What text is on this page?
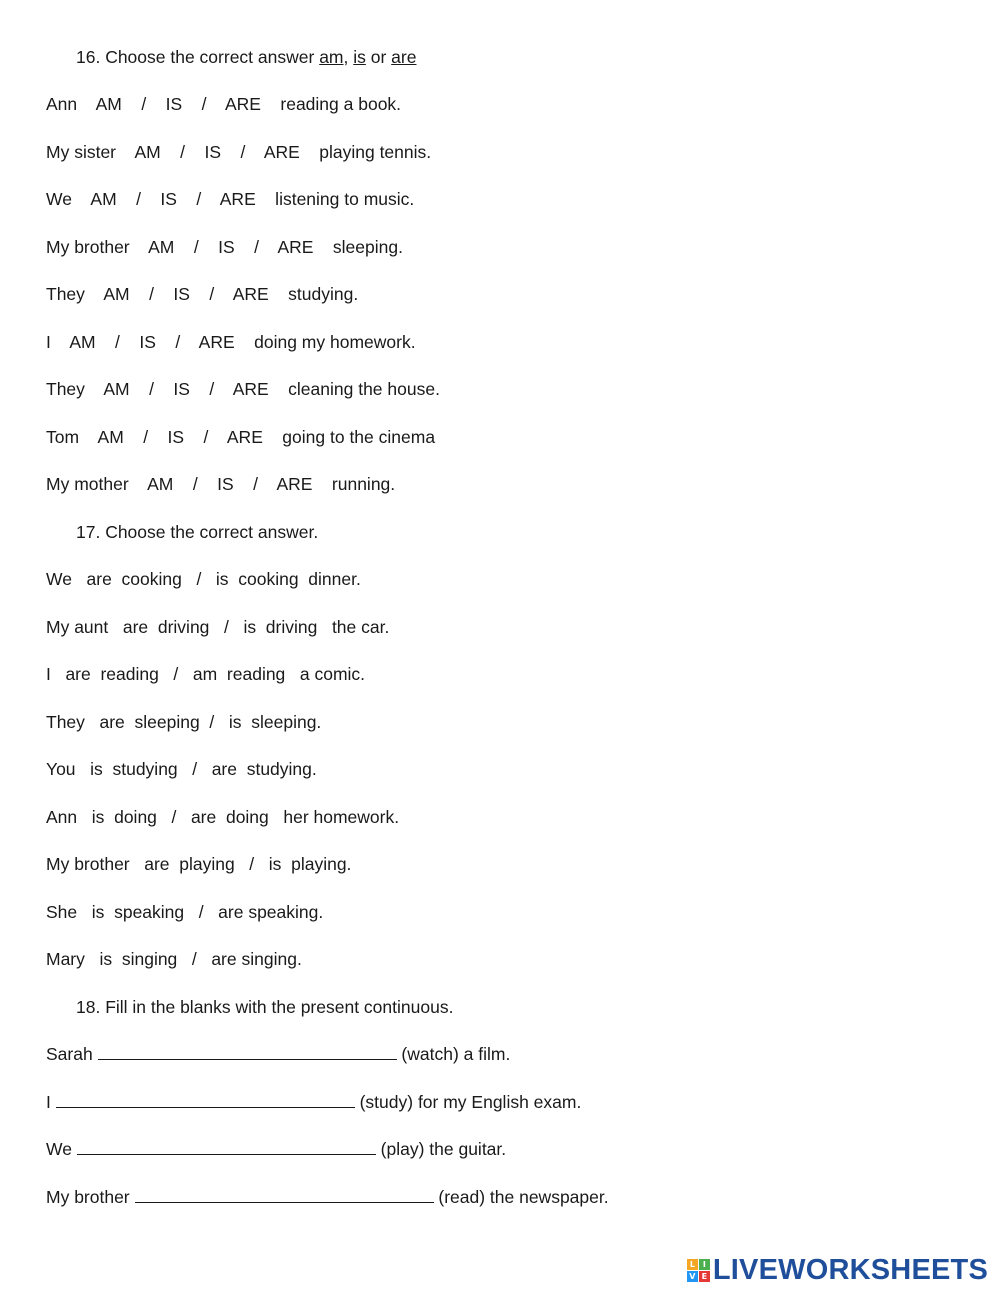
16. Choose the correct answer am, is or are
Ann    AM    /    IS    /    ARE    reading a book.
My sister    AM    /    IS    /    ARE    playing tennis.
We    AM    /    IS    /    ARE    listening to music.
My brother    AM    /    IS    /    ARE    sleeping.
They    AM    /    IS    /    ARE    studying.
I    AM    /    IS    /    ARE    doing my homework.
They    AM    /    IS    /    ARE    cleaning the house.
Tom    AM    /    IS    /    ARE    going to the cinema
My mother    AM    /    IS    /    ARE    running.
17. Choose the correct answer.
We   are  cooking   /   is  cooking  dinner.
My aunt   are  driving   /   is  driving   the car.
I   are  reading   /   am  reading   a comic.
They   are  sleeping  /   is  sleeping.
You   is  studying   /   are  studying.
Ann   is  doing   /   are  doing   her homework.
My brother   are  playing   /   is  playing.
She   is  speaking   /   are speaking.
Mary   is  singing   /   are singing.
18. Fill in the blanks with the present continuous.
Sarah	(watch) a film.
I	(study) for my English exam.
We	(play) the guitar.
My brother	(read) the newspaper.
L I
V E LIVEWORKSHEETS
